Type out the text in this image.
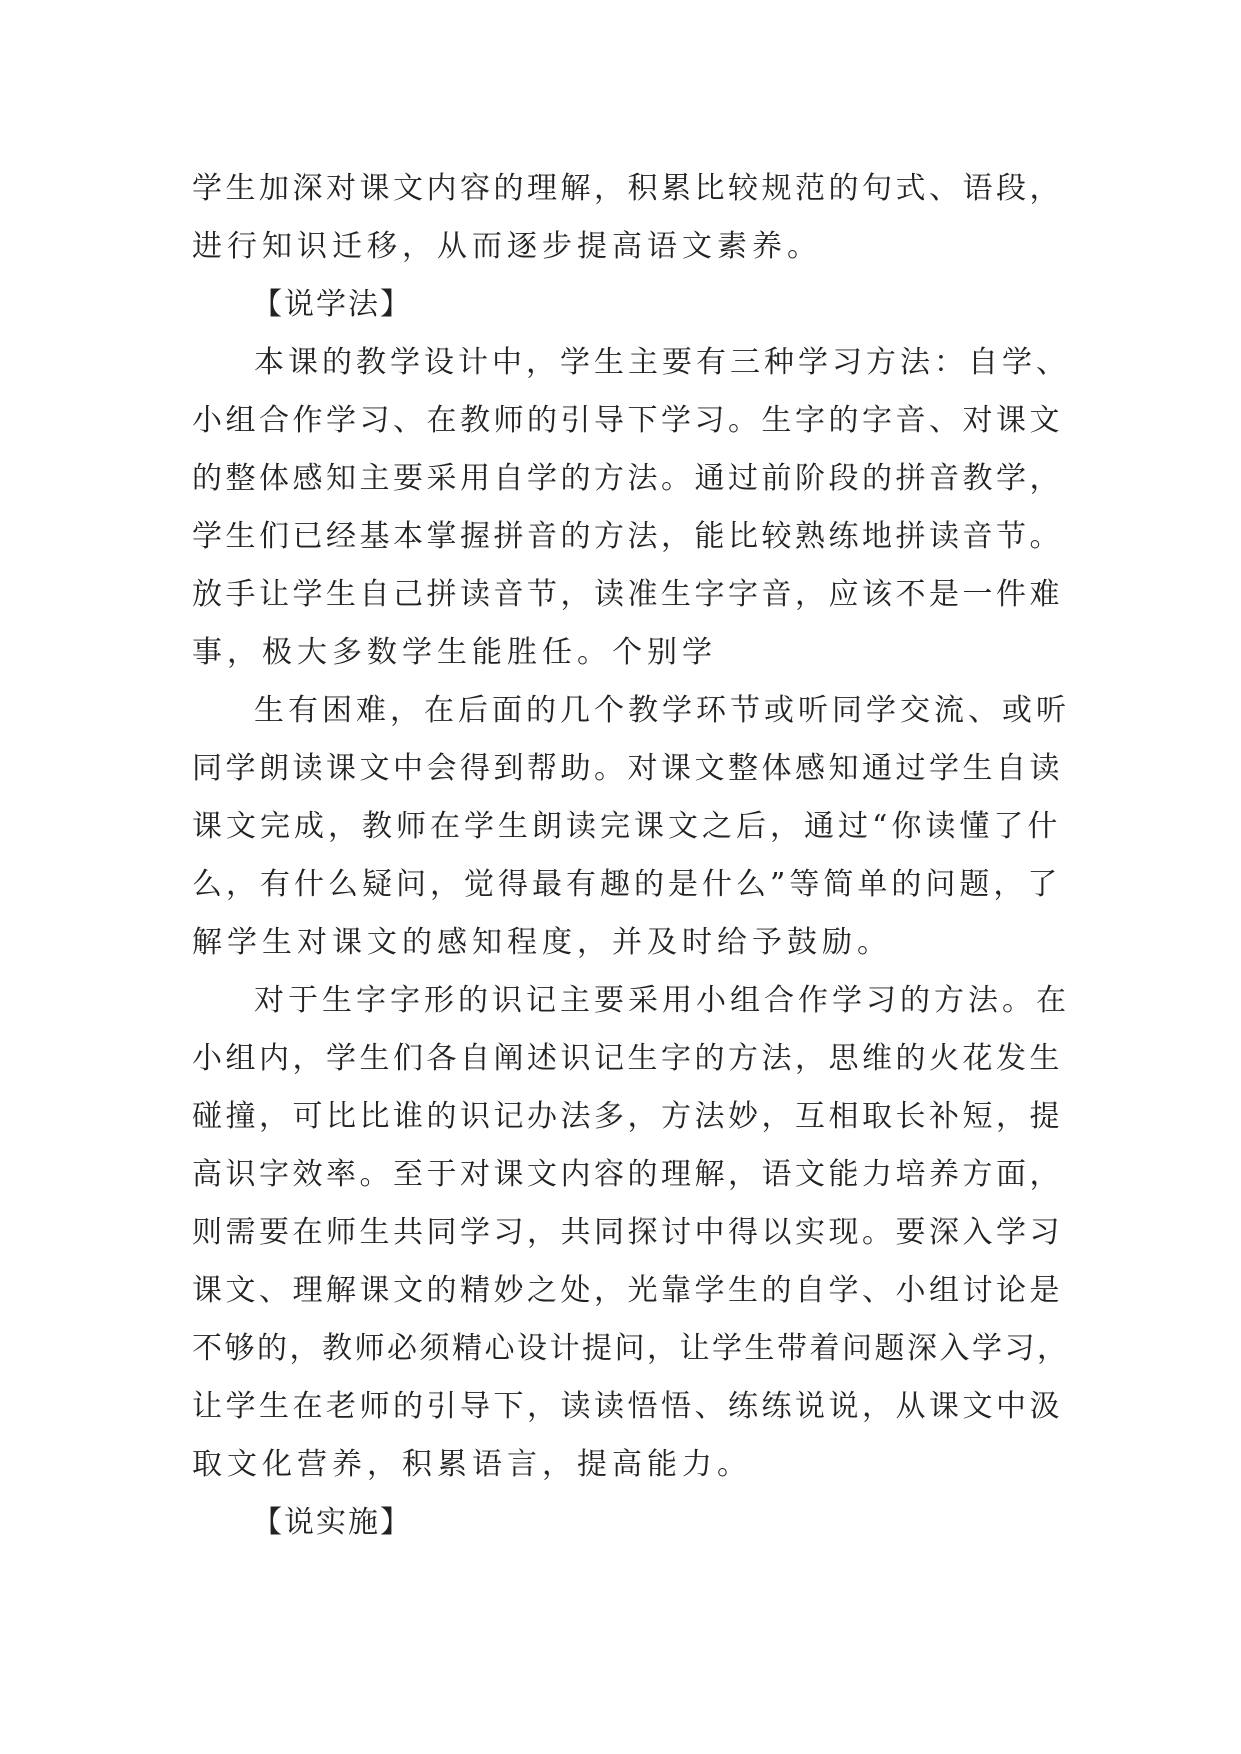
学生加深对课文内容的理解，积累比较规范的句式、语段，
进行知识迁移，从而逐步提高语文素养。
【说学法】
本课的教学设计中，学生主要有三种学习方法：自学、
小组合作学习、在教师的引导下学习。生字的字音、对课文
的整体感知主要采用自学的方法。通过前阶段的拼音教学，
学生们已经基本掌握拼音的方法，能比较熟练地拼读音节。
放手让学生自己拼读音节，读准生字字音，应该不是一件难
事，极大多数学生能胜任。个别学
生有困难，在后面的几个教学环节或听同学交流、或听
同学朗读课文中会得到帮助。对课文整体感知通过学生自读
课文完成，教师在学生朗读完课文之后，通过“你读懂了什
么，有什么疑问，觉得最有趣的是什么”等简单的问题，了
解学生对课文的感知程度，并及时给予鼓励。
对于生字字形的识记主要采用小组合作学习的方法。在
小组内，学生们各自阐述识记生字的方法，思维的火花发生
碰撞，可比比谁的识记办法多，方法妙，互相取长补短，提
高识字效率。至于对课文内容的理解，语文能力培养方面，
则需要在师生共同学习，共同探讨中得以实现。要深入学习
课文、理解课文的精妙之处，光靠学生的自学、小组讨论是
不够的，教师必须精心设计提问，让学生带着问题深入学习，
让学生在老师的引导下，读读悟悟、练练说说，从课文中汲
取文化营养，积累语言，提高能力。
【说实施】
